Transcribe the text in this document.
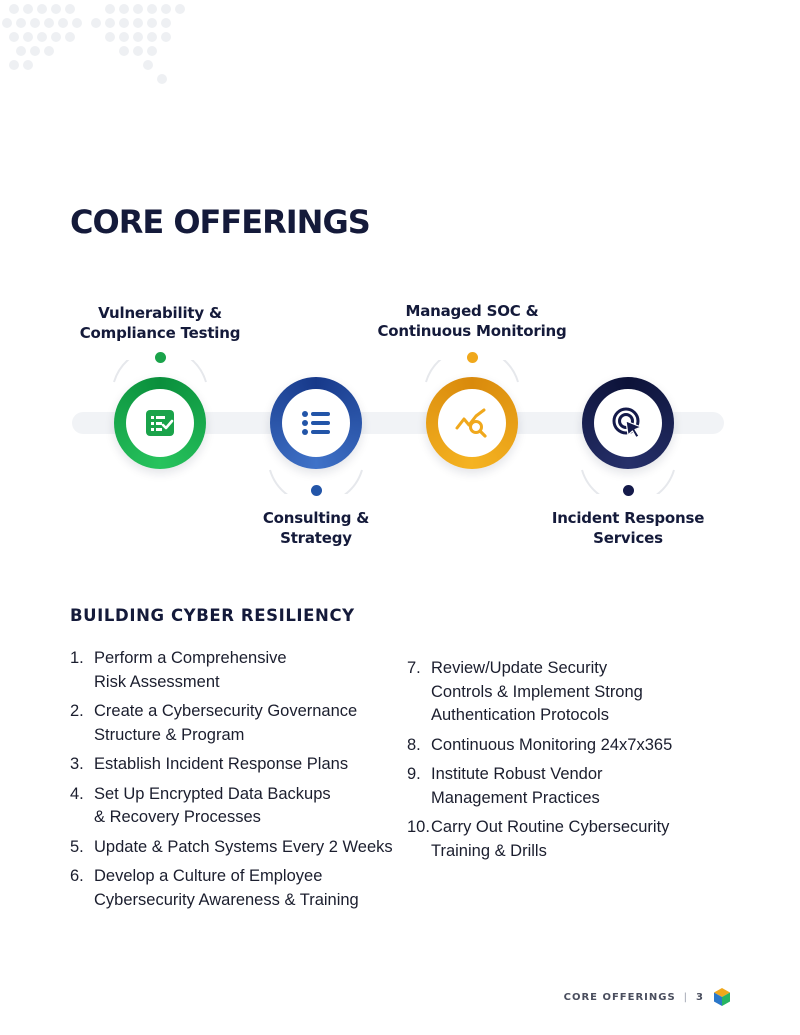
CORE OFFERINGS

Vulnerability &
Compliance Testing

Consulting &
Strategy

Managed SOC &
Continuous Monitoring

Incident Response
Services

BUILDING CYBER RESILIENCY
1. Perform a Comprehensive Risk Assessment
2. Create a Cybersecurity Governance Structure & Program
3. Establish Incident Response Plans
4. Set Up Encrypted Data Backups & Recovery Processes
5. Update & Patch Systems Every 2 Weeks
6. Develop a Culture of Employee Cybersecurity Awareness & Training
7. Review/Update Security Controls & Implement Strong Authentication Protocols
8. Continuous Monitoring 24x7x365
9. Institute Robust Vendor Management Practices
10. Carry Out Routine Cybersecurity Training & Drills
CORE OFFERINGS | 3
